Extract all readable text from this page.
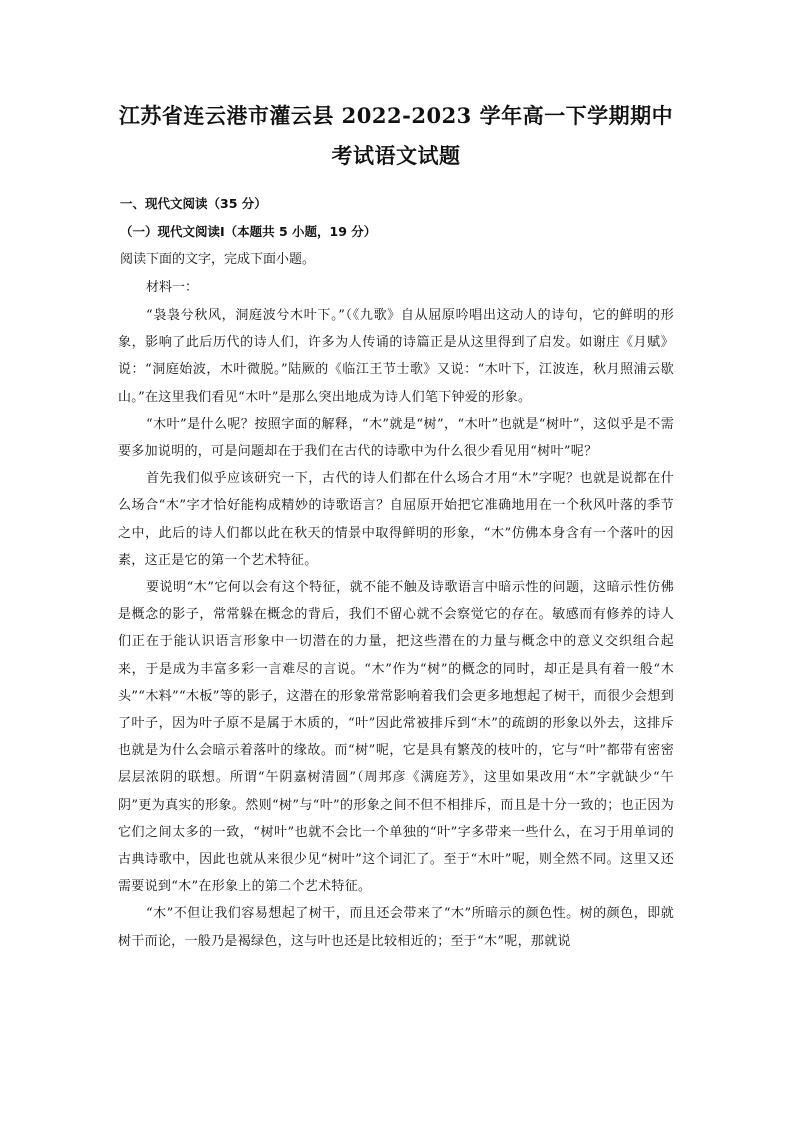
江苏省连云港市灌云县 2022-2023 学年高一下学期期中
考试语文试题

一、现代文阅读（35 分）

（一）现代文阅读Ⅰ（本题共 5 小题，19 分）

阅读下面的文字，完成下面小题。

材料一：

“袅袅兮秋风，洞庭波兮木叶下。”（《九歌》自从屈原吟唱出这动人的诗句，它的鲜明的形象，影响了此后历代的诗人们，许多为人传诵的诗篇正是从这里得到了启发。如谢庄《月赋》说：“洞庭始波，木叶微脱。”陆厥的《临江王节士歌》又说：“木叶下，江波连，秋月照浦云歇山。”在这里我们看见“木叶”是那么突出地成为诗人们笔下钟爱的形象。

“木叶”是什么呢？按照字面的解释，“木”就是“树”，“木叶”也就是“树叶”，这似乎是不需要多加说明的，可是问题却在于我们在古代的诗歌中为什么很少看见用“树叶”呢？

首先我们似乎应该研究一下，古代的诗人们都在什么场合才用“木”字呢？也就是说都在什么场合“木”字才恰好能构成精妙的诗歌语言？自屈原开始把它准确地用在一个秋风叶落的季节之中，此后的诗人们都以此在秋天的情景中取得鲜明的形象，“木”仿佛本身含有一个落叶的因素，这正是它的第一个艺术特征。

要说明“木”它何以会有这个特征，就不能不触及诗歌语言中暗示性的问题，这暗示性仿佛是概念的影子，常常躲在概念的背后，我们不留心就不会察觉它的存在。敏感而有修养的诗人们正在于能认识语言形象中一切潜在的力量，把这些潜在的力量与概念中的意义交织组合起来，于是成为丰富多彩一言难尽的言说。“木”作为“树”的概念的同时，却正是具有着一般“木头”“木料”“木板”等的影子，这潜在的形象常常影响着我们会更多地想起了树干，而很少会想到了叶子，因为叶子原不是属于木质的，“叶”因此常被排斥到“木”的疏朗的形象以外去，这排斥也就是为什么会暗示着落叶的缘故。而“树”呢，它是具有繁茂的枝叶的，它与“叶”都带有密密层层浓阴的联想。所谓“午阴嘉树清圆”（周邦彦《满庭芳》，这里如果改用“木”字就缺少“午阴”更为真实的形象。然则“树”与“叶”的形象之间不但不相排斥，而且是十分一致的；也正因为它们之间太多的一致，“树叶”也就不会比一个单独的“叶”字多带来一些什么，在习于用单词的古典诗歌中，因此也就从来很少见“树叶”这个词汇了。至于“木叶”呢，则全然不同。这里又还需要说到“木”在形象上的第二个艺术特征。

“木”不但让我们容易想起了树干，而且还会带来了“木”所暗示的颜色性。树的颜色，即就树干而论，一般乃是褐绿色，这与叶也还是比较相近的；至于“木”呢，那就说
